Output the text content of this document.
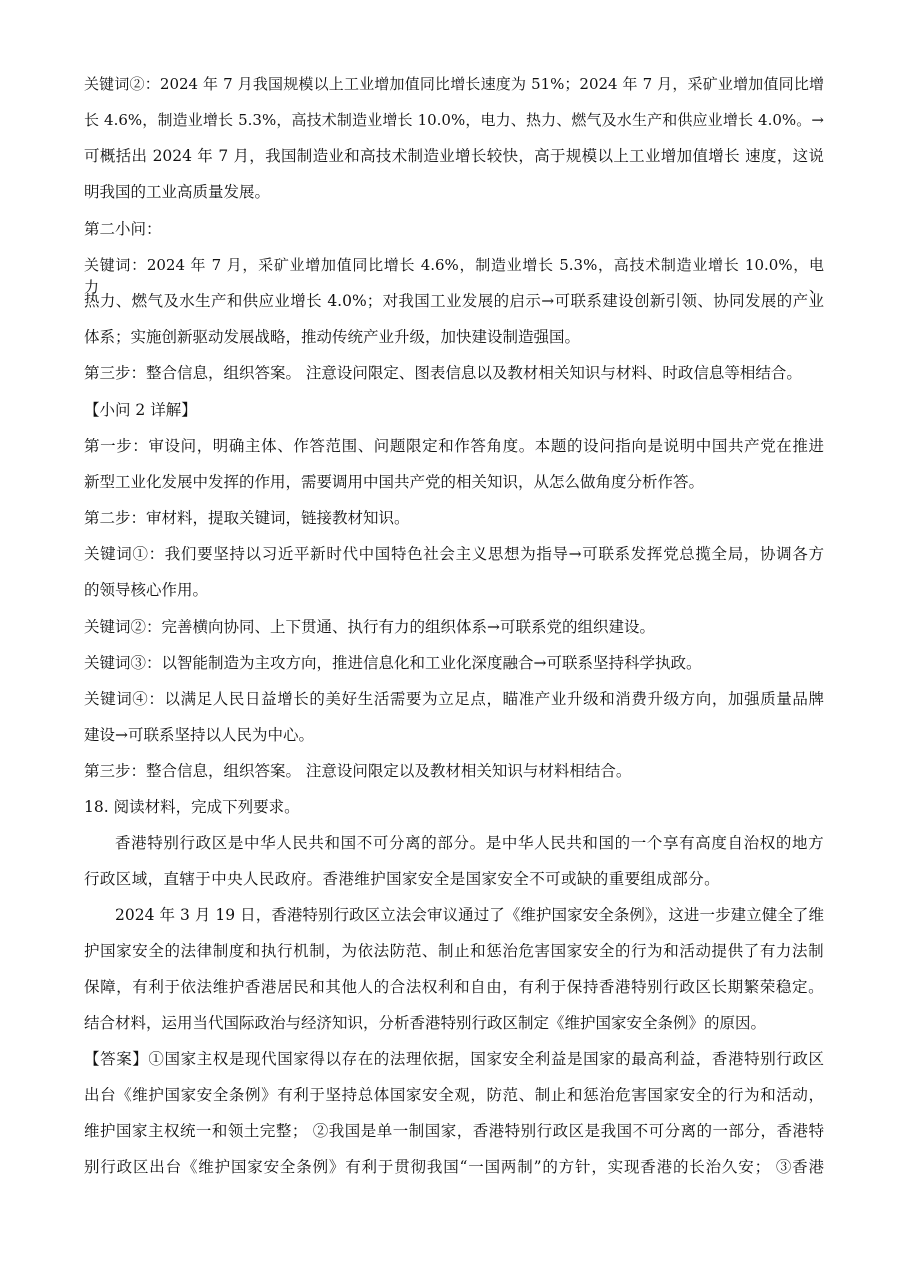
关键词②：2024 年 7 月我国规模以上工业增加值同比增长速度为 51%；2024 年 7 月，采矿业增加值同比增
长 4.6%，制造业增长 5.3%，高技术制造业增长 10.0%，电力、热力、燃气及水生产和供应业增长 4.0%。→
可概括出 2024 年 7 月，我国制造业和高技术制造业增长较快，高于规模以上工业增加值增长 速度，这说
明我国的工业高质量发展。
第二小问：
关键词：2024 年 7 月，采矿业增加值同比增长 4.6%，制造业增长 5.3%，高技术制造业增长 10.0%，电力、
热力、燃气及水生产和供应业增长 4.0%；对我国工业发展的启示→可联系建设创新引领、协同发展的产业
体系；实施创新驱动发展战略，推动传统产业升级，加快建设制造强国。
第三步：整合信息，组织答案。 注意设问限定、图表信息以及教材相关知识与材料、时政信息等相结合。
【小问 2 详解】
第一步：审设问，明确主体、作答范围、问题限定和作答角度。本题的设问指向是说明中国共产党在推进
新型工业化发展中发挥的作用，需要调用中国共产党的相关知识，从怎么做角度分析作答。
第二步：审材料，提取关键词，链接教材知识。
关键词①：我们要坚持以习近平新时代中国特色社会主义思想为指导→可联系发挥党总揽全局，协调各方
的领导核心作用。
关键词②：完善横向协同、上下贯通、执行有力的组织体系→可联系党的组织建设。
关键词③：以智能制造为主攻方向，推进信息化和工业化深度融合→可联系坚持科学执政。
关键词④：以满足人民日益增长的美好生活需要为立足点，瞄准产业升级和消费升级方向，加强质量品牌
建设→可联系坚持以人民为中心。
第三步：整合信息，组织答案。 注意设问限定以及教材相关知识与材料相结合。
18. 阅读材料，完成下列要求。
香港特别行政区是中华人民共和国不可分离的部分。是中华人民共和国的一个享有高度自治权的地方
行政区域，直辖于中央人民政府。香港维护国家安全是国家安全不可或缺的重要组成部分。
2024 年 3 月 19 日，香港特别行政区立法会审议通过了《维护国家安全条例》，这进一步建立健全了维
护国家安全的法律制度和执行机制，为依法防范、制止和惩治危害国家安全的行为和活动提供了有力法制
保障，有利于依法维护香港居民和其他人的合法权利和自由，有利于保持香港特别行政区长期繁荣稳定。
结合材料，运用当代国际政治与经济知识，分析香港特别行政区制定《维护国家安全条例》的原因。
【答案】①国家主权是现代国家得以存在的法理依据，国家安全利益是国家的最高利益，香港特别行政区
出台《维护国家安全条例》有利于坚持总体国家安全观，防范、制止和惩治危害国家安全的行为和活动，
维护国家主权统一和领土完整； ②我国是单一制国家，香港特别行政区是我国不可分离的一部分，香港特
别行政区出台《维护国家安全条例》有利于贯彻我国“一国两制”的方针，实现香港的长治久安； ③香港
